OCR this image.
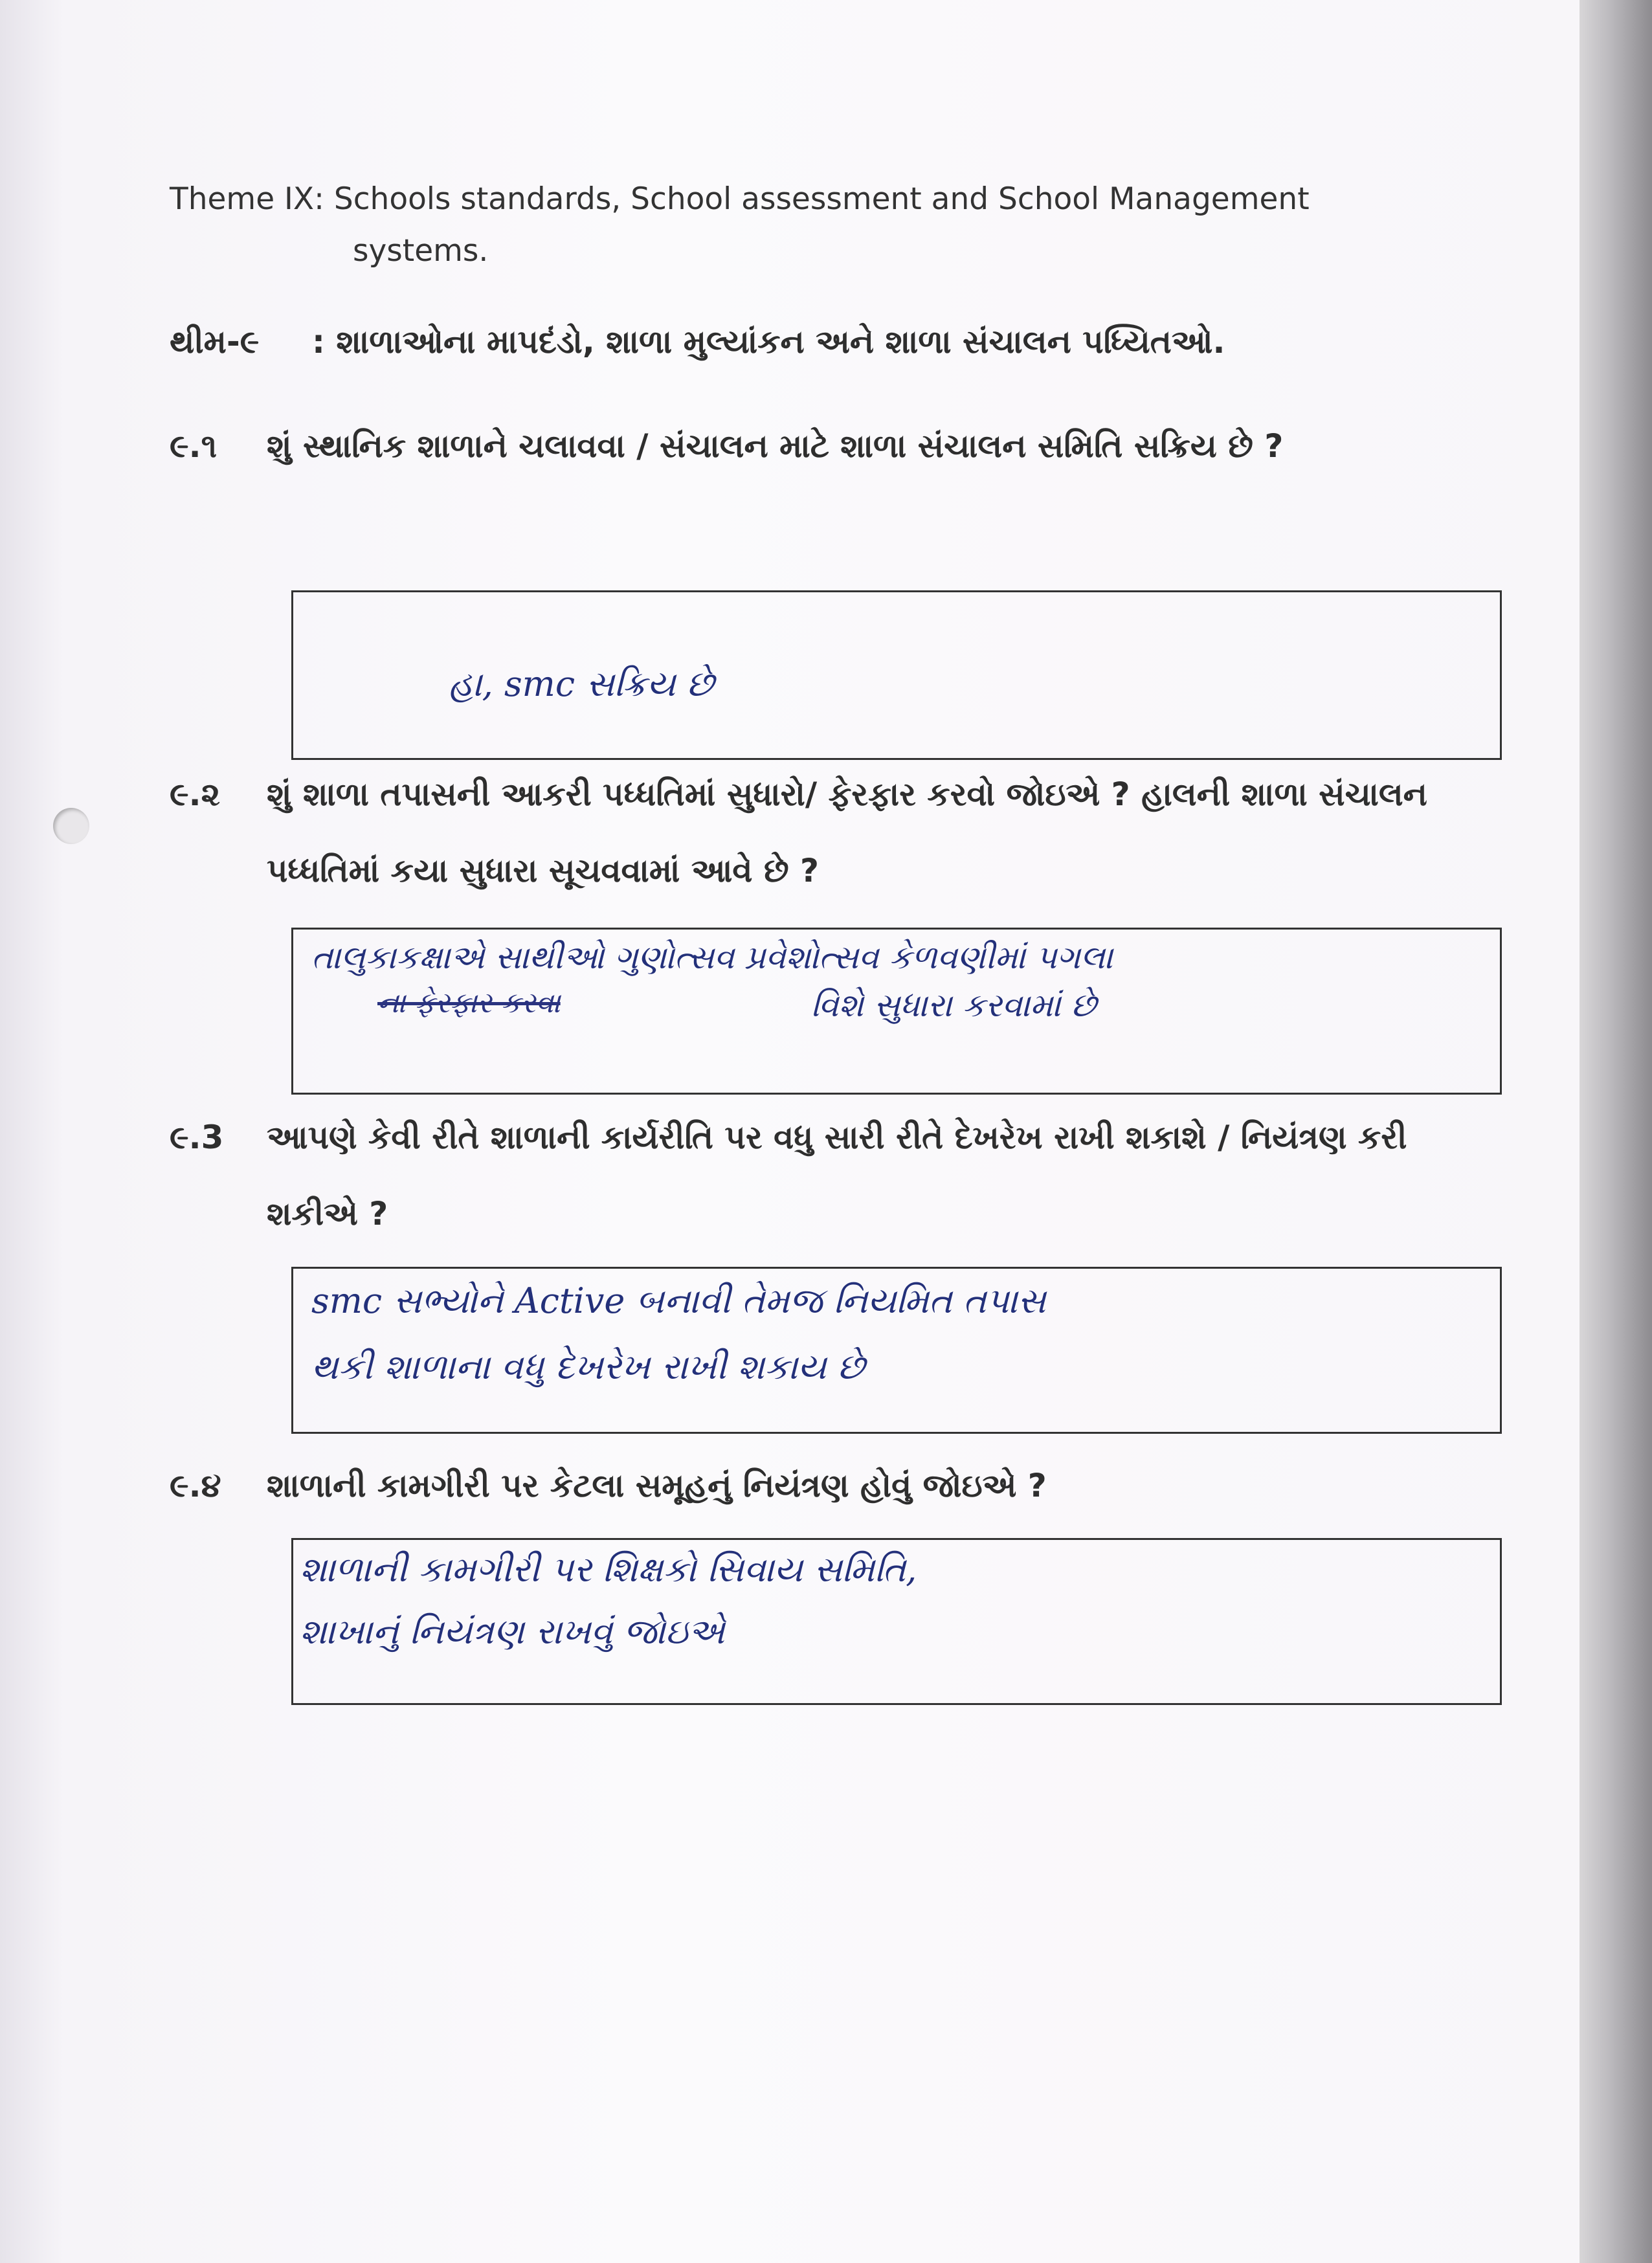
Theme IX: Schools standards, School assessment and School Management
systems.
થીમ-૯ : શાળાઓના માપદંડો, શાળા મુલ્યાંકન અને શાળા સંચાલન પધ્યિતઓ.
૯.૧	શું સ્થાનિક શાળાને ચલાવવા / સંચાલન માટે શાળા સંચાલન સમિતિ સક્રિય છે ?
હા, smc સક્રિય છે
૯.૨	શું શાળા તપાસની આકરી પધ્ધતિમાં સુધારો/ ફેરફાર કરવો જોઇએ ? હાલની શાળા સંચાલન પધ્ધતિમાં કયા સુધારા સૂચવવામાં આવે છે ?
તાલુકાકક્ષાએ સાથીઓ ગુણોત્સવ પ્રવેશોત્સવ કેળવણીમાં પગલા
ના ફેરફાર કરવા	વિશે સુધારા કરવામાં છે
૯.3	આપણે કેવી રીતે શાળાની કાર્યરીતિ પર વધુ સારી રીતે દેખરેખ રાખી શકાશે / નિયંત્રણ કરી શકીએ ?
smc સભ્યોને Active બનાવી તેમજ નિયમિત તપાસ
થકી શાળાના વધુ દેખરેખ રાખી શકાય છે
૯.૪	શાળાની કામગીરી પર કેટલા સમૂહનું નિયંત્રણ હોવું જોઇએ ?
શાળાની કામગીરી પર શિક્ષકો સિવાય સમિતિ,
શાખાનું નિયંત્રણ રાખવું જોઇએ
